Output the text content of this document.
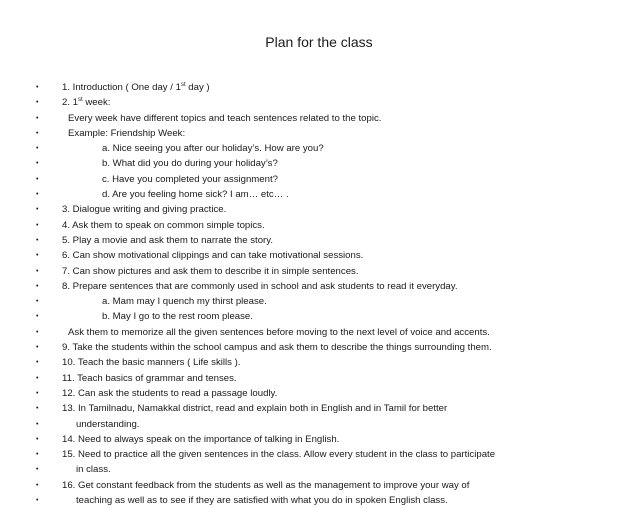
Plan for the class
• 1. Introduction ( One day / 1st day )
• 2. 1st week:
•	Every week have different topics and teach sentences related to the topic.
•	Example: Friendship Week:
•	a. Nice seeing you after our holiday’s. How are you?
•	b. What did you do during your holiday’s?
•	c. Have you completed your assignment?
•	d. Are you feeling home sick? I am… etc… .
• 3. Dialogue writing and giving practice.
• 4. Ask them to speak on common simple topics.
• 5. Play a movie and ask them to narrate the story.
• 6. Can show motivational clippings and can take motivational sessions.
• 7. Can show pictures and ask them to describe it in simple sentences.
• 8. Prepare sentences that are commonly used in school and ask students to read it everyday.
•	a. Mam may I quench my thirst please.
•	b. May I go to the rest room please.
•	Ask them to memorize all the given sentences before moving to the next level of voice and accents.
• 9. Take the students within the school campus and ask them to describe the things surrounding them.
• 10. Teach the basic manners ( Life skills ).
• 11. Teach basics of grammar and tenses.
• 12. Can ask the students to read a passage loudly.
• 13. In Tamilnadu, Namakkal district, read and explain both in English and in Tamil for better
•	understanding.
• 14. Need to always speak on the importance of talking in English.
• 15. Need to practice all the given sentences in the class. Allow every student in the class to participate
•	in class.
• 16. Get constant feedback from the students as well as the management to improve your way of
•	teaching as well as to see if they are satisfied with what you do in spoken English class.
